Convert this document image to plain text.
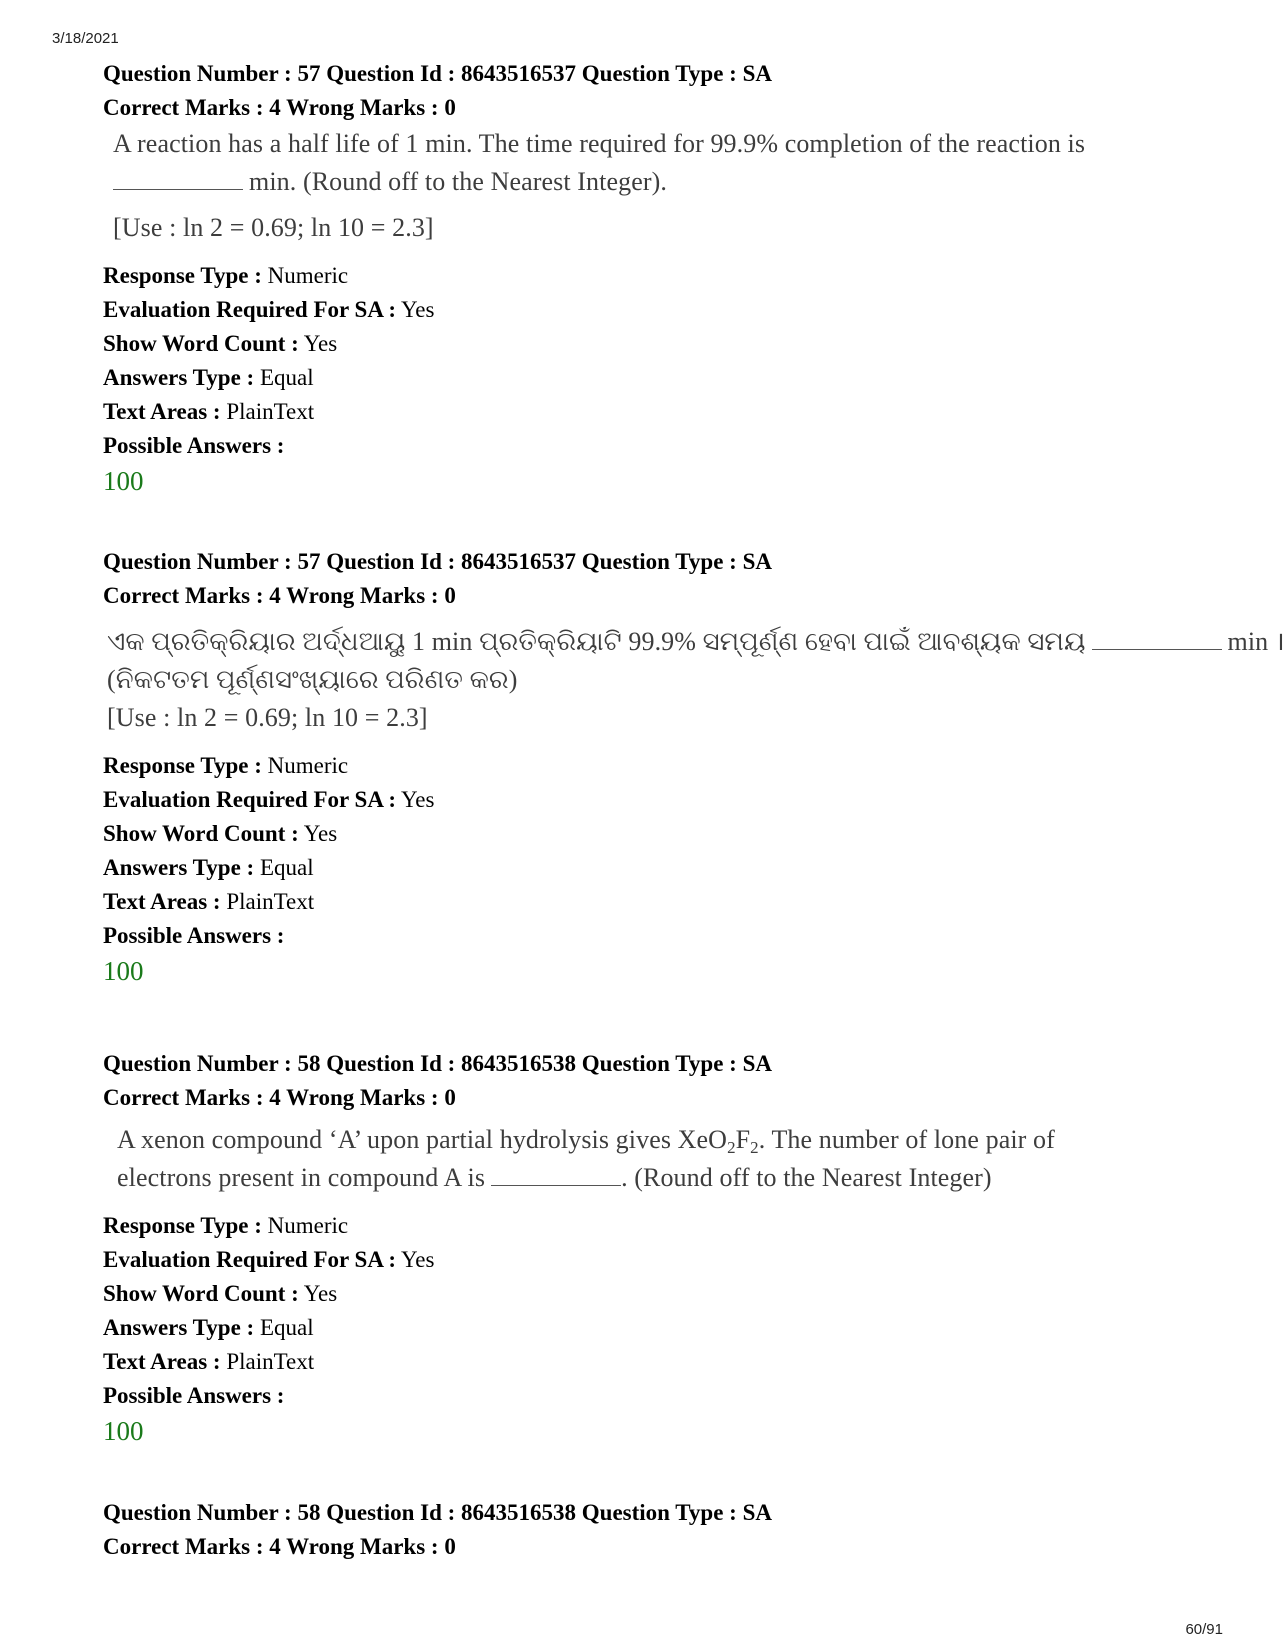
3/18/2021
Question Number : 57 Question Id : 8643516537 Question Type : SA
Correct Marks : 4 Wrong Marks : 0
A reaction has a half life of 1 min. The time required for 99.9% completion of the reaction is
min. (Round off to the Nearest Integer).
[Use : ln 2 = 0.69; ln 10 = 2.3]
Response Type : Numeric
Evaluation Required For SA : Yes
Show Word Count : Yes
Answers Type : Equal
Text Areas : PlainText
Possible Answers :
100
Question Number : 57 Question Id : 8643516537 Question Type : SA
Correct Marks : 4 Wrong Marks : 0
ଏକ ପ୍ରତିକ୍ରିୟାର ଅର୍ଦ୍ଧଆୟୁ 1 min ପ୍ରତିକ୍ରିୟାଟି 99.9% ସମ୍ପୂର୍ଣ୍ଣ ହେବା ପାଇଁ ଆବଶ୍ୟକ ସମୟ	min ।
(ନିକଟତମ ପୂର୍ଣ୍ଣସଂଖ୍ୟାରେ ପରିଣତ କର)
[Use : ln 2 = 0.69; ln 10 = 2.3]
Response Type : Numeric
Evaluation Required For SA : Yes
Show Word Count : Yes
Answers Type : Equal
Text Areas : PlainText
Possible Answers :
100
Question Number : 58 Question Id : 8643516538 Question Type : SA
Correct Marks : 4 Wrong Marks : 0
A xenon compound ‘A’ upon partial hydrolysis gives $XeO_2F_2$. The number of lone pair of
electrons present in compound A is	. (Round off to the Nearest Integer)
Response Type : Numeric
Evaluation Required For SA : Yes
Show Word Count : Yes
Answers Type : Equal
Text Areas : PlainText
Possible Answers :
100
Question Number : 58 Question Id : 8643516538 Question Type : SA
Correct Marks : 4 Wrong Marks : 0
60/91
